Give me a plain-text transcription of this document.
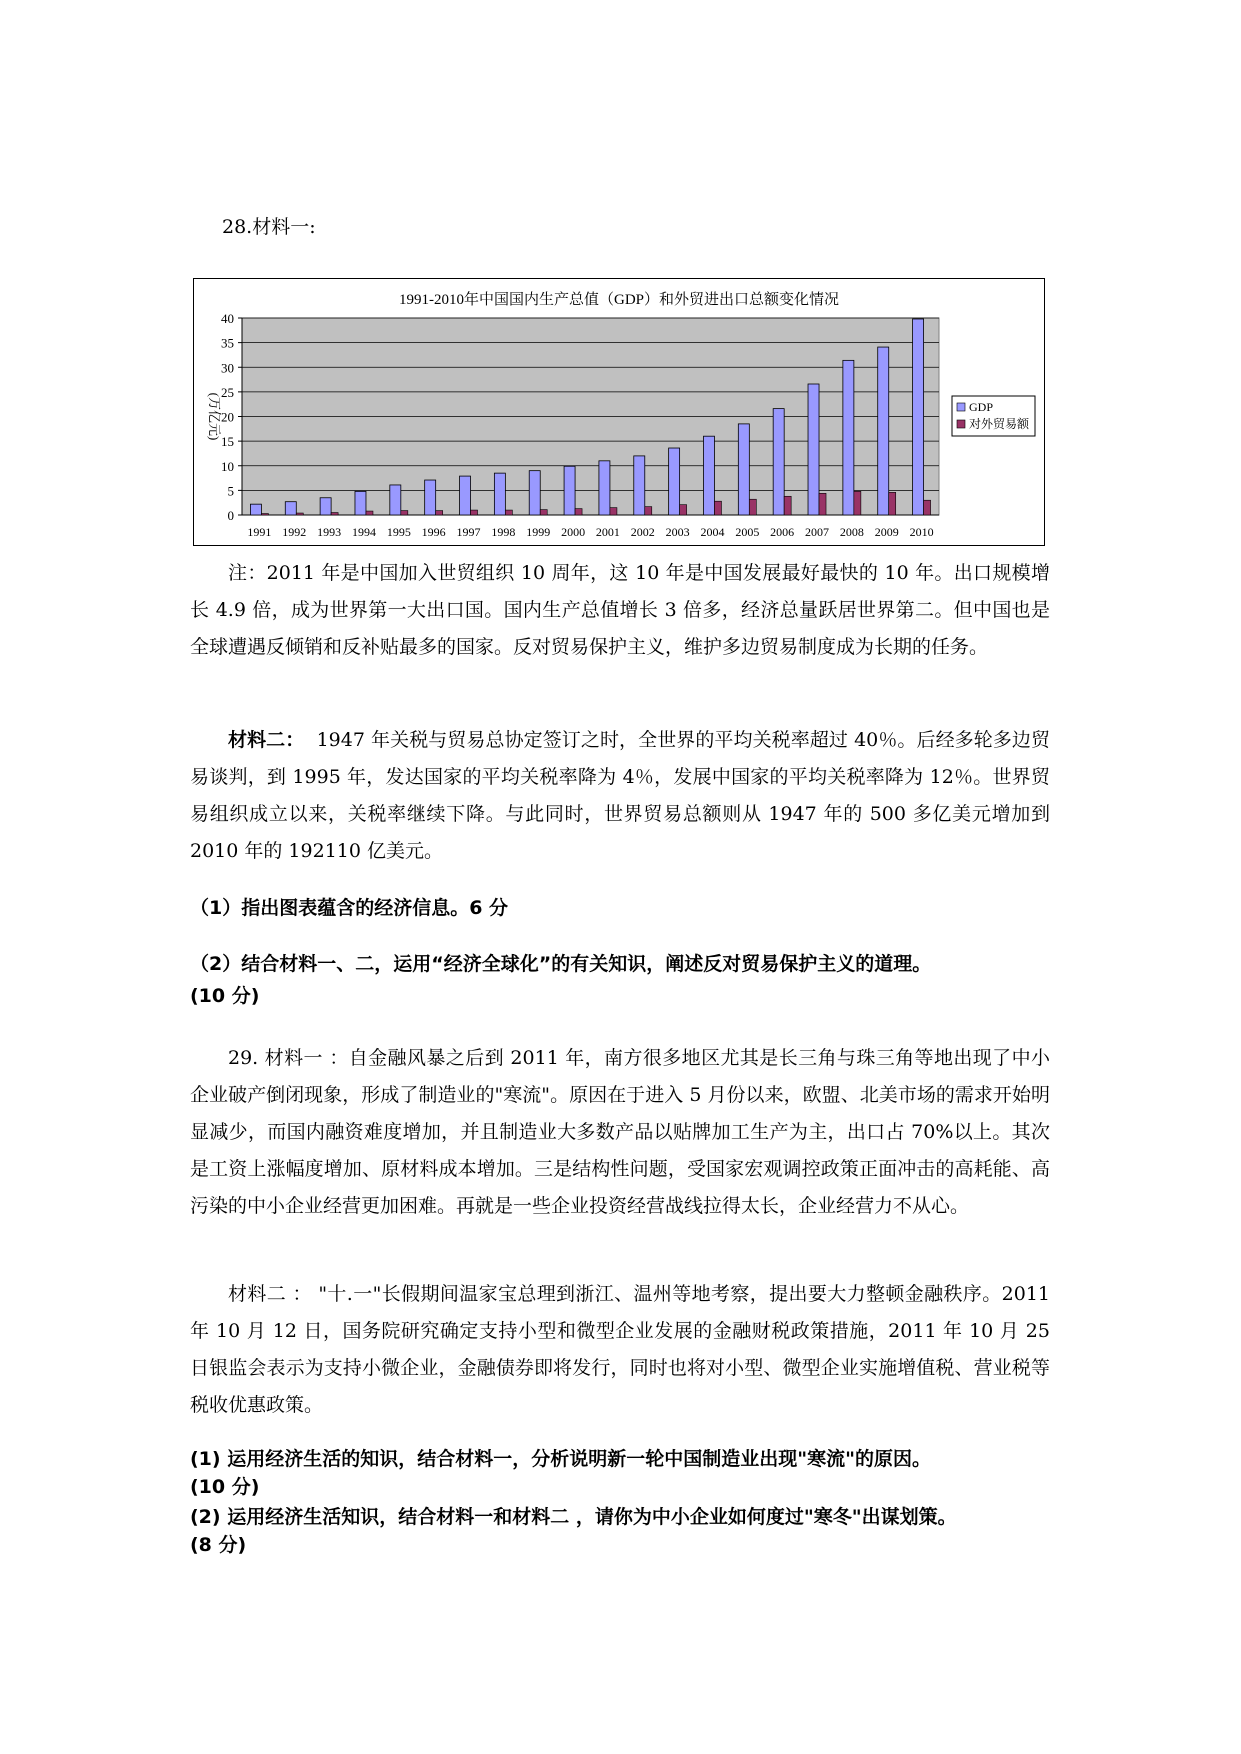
28.材料一:
1991-2010年中国国内生产总值（GDP）和外贸进出口总额变化情况
0
5
10
15
20
25
30
35
40
(万亿元)
1991 1992 1993 1994 1995 1996 1997 1998 1999 2000 2001 2002 2003 2004 2005 2006 2007 2008 2009 2010
GDP
对外贸易额

注：2011 年是中国加入世贸组织 10 周年，这 10 年是中国发展最好最快的 10 年。出口规模增长 4.9 倍，成为世界第一大出口国。国内生产总值增长 3 倍多，经济总量跃居世界第二。但中国也是全球遭遇反倾销和反补贴最多的国家。反对贸易保护主义，维护多边贸易制度成为长期的任务。

材料二： 1947 年关税与贸易总协定签订之时，全世界的平均关税率超过 40％。后经多轮多边贸易谈判，到 1995 年，发达国家的平均关税率降为 4％，发展中国家的平均关税率降为 12％。世界贸易组织成立以来，关税率继续下降。与此同时，世界贸易总额则从 1947 年的 500 多亿美元增加到 2010 年的 192110 亿美元。

（1）指出图表蕴含的经济信息。6 分

（2）结合材料一、二，运用“经济全球化”的有关知识，阐述反对贸易保护主义的道理。

(10 分)

29. 材料一 ：自金融风暴之后到 2011 年，南方很多地区尤其是长三角与珠三角等地出现了中小企业破产倒闭现象，形成了制造业的"寒流"。原因在于进入 5 月份以来，欧盟、北美市场的需求开始明显减少，而国内融资难度增加，并且制造业大多数产品以贴牌加工生产为主，出口占 70%以上。其次是工资上涨幅度增加、原材料成本增加。三是结构性问题，受国家宏观调控政策正面冲击的高耗能、高污染的中小企业经营更加困难。再就是一些企业投资经营战线拉得太长，企业经营力不从心。

材料二 ： "十.一"长假期间温家宝总理到浙江、温州等地考察，提出要大力整顿金融秩序。2011 年 10 月 12 日，国务院研究确定支持小型和微型企业发展的金融财税政策措施，2011 年 10 月 25 日银监会表示为支持小微企业，金融债券即将发行，同时也将对小型、微型企业实施增值税、营业税等税收优惠政策。

(1) 运用经济生活的知识，结合材料一，分析说明新一轮中国制造业出现"寒流"的原因。

(10 分)

(2) 运用经济生活知识，结合材料一和材料二 ，请你为中小企业如何度过"寒冬"出谋划策。

(8 分)
